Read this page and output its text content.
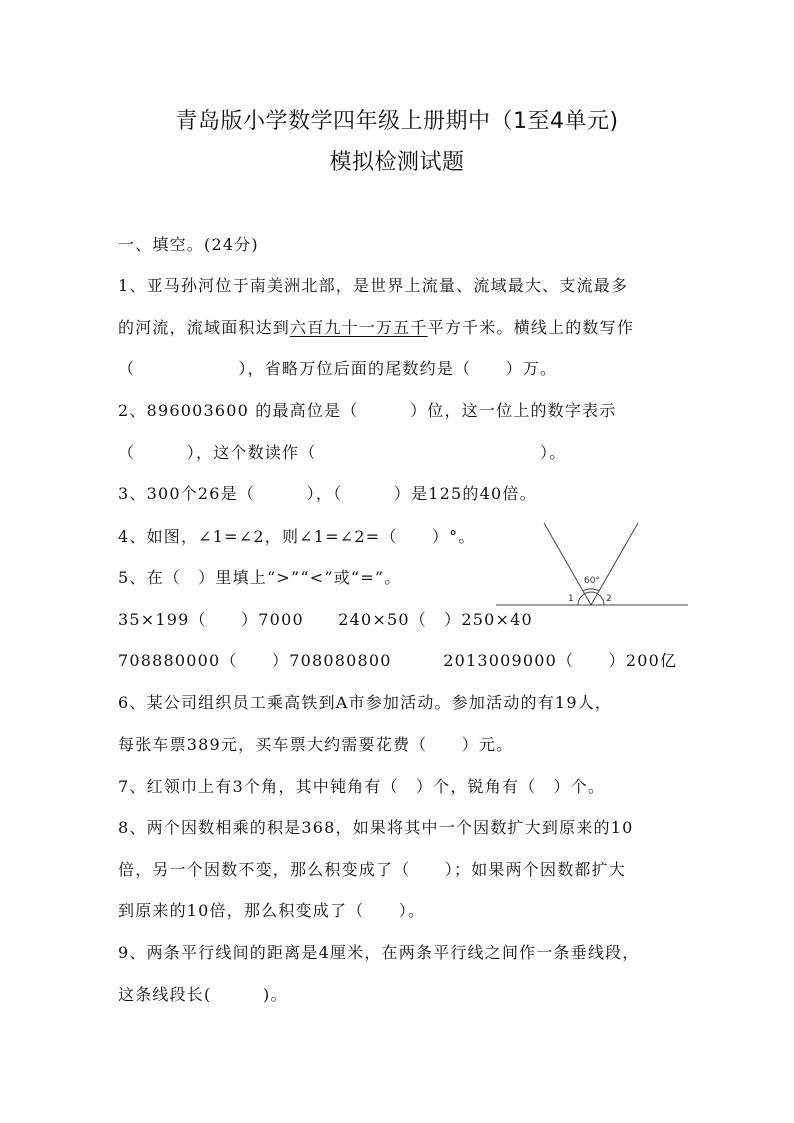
青岛版小学数学四年级上册期中（1至4单元)
模拟检测试题
一、填空。(24分)
1、亚马孙河位于南美洲北部，是世界上流量、流域最大、支流最多
的河流，流域面积达到六百九十一万五千平方千米。横线上的数写作
（　　　　　　），省略万位后面的尾数约是（　　）万。
2、896003600 的最高位是（　　　）位，这一位上的数字表示
（　　　），这个数读作（　　　　　　　　　　　　　）。
3、300个26是（　　　），（　　　）是125的40倍。
4、如图，∠1=∠2，则∠1=∠2=（　　）°。
5、在（　）里填上“>”“<”或“=”。
35×199（　　）7000　　240×50（　）250×40
708880000（　　）708080800　　　2013009000（　　）200亿
6、某公司组织员工乘高铁到A市参加活动。参加活动的有19人，
每张车票389元，买车票大约需要花费（　　）元。
7、红领巾上有3个角，其中钝角有（　）个，锐角有（　）个。
8、两个因数相乘的积是368，如果将其中一个因数扩大到原来的10
倍，另一个因数不变，那么积变成了（　　）；如果两个因数都扩大
到原来的10倍，那么积变成了（　　）。
9、两条平行线间的距离是4厘米，在两条平行线之间作一条垂线段，
这条线段长(　　　)。
60°
1	2
